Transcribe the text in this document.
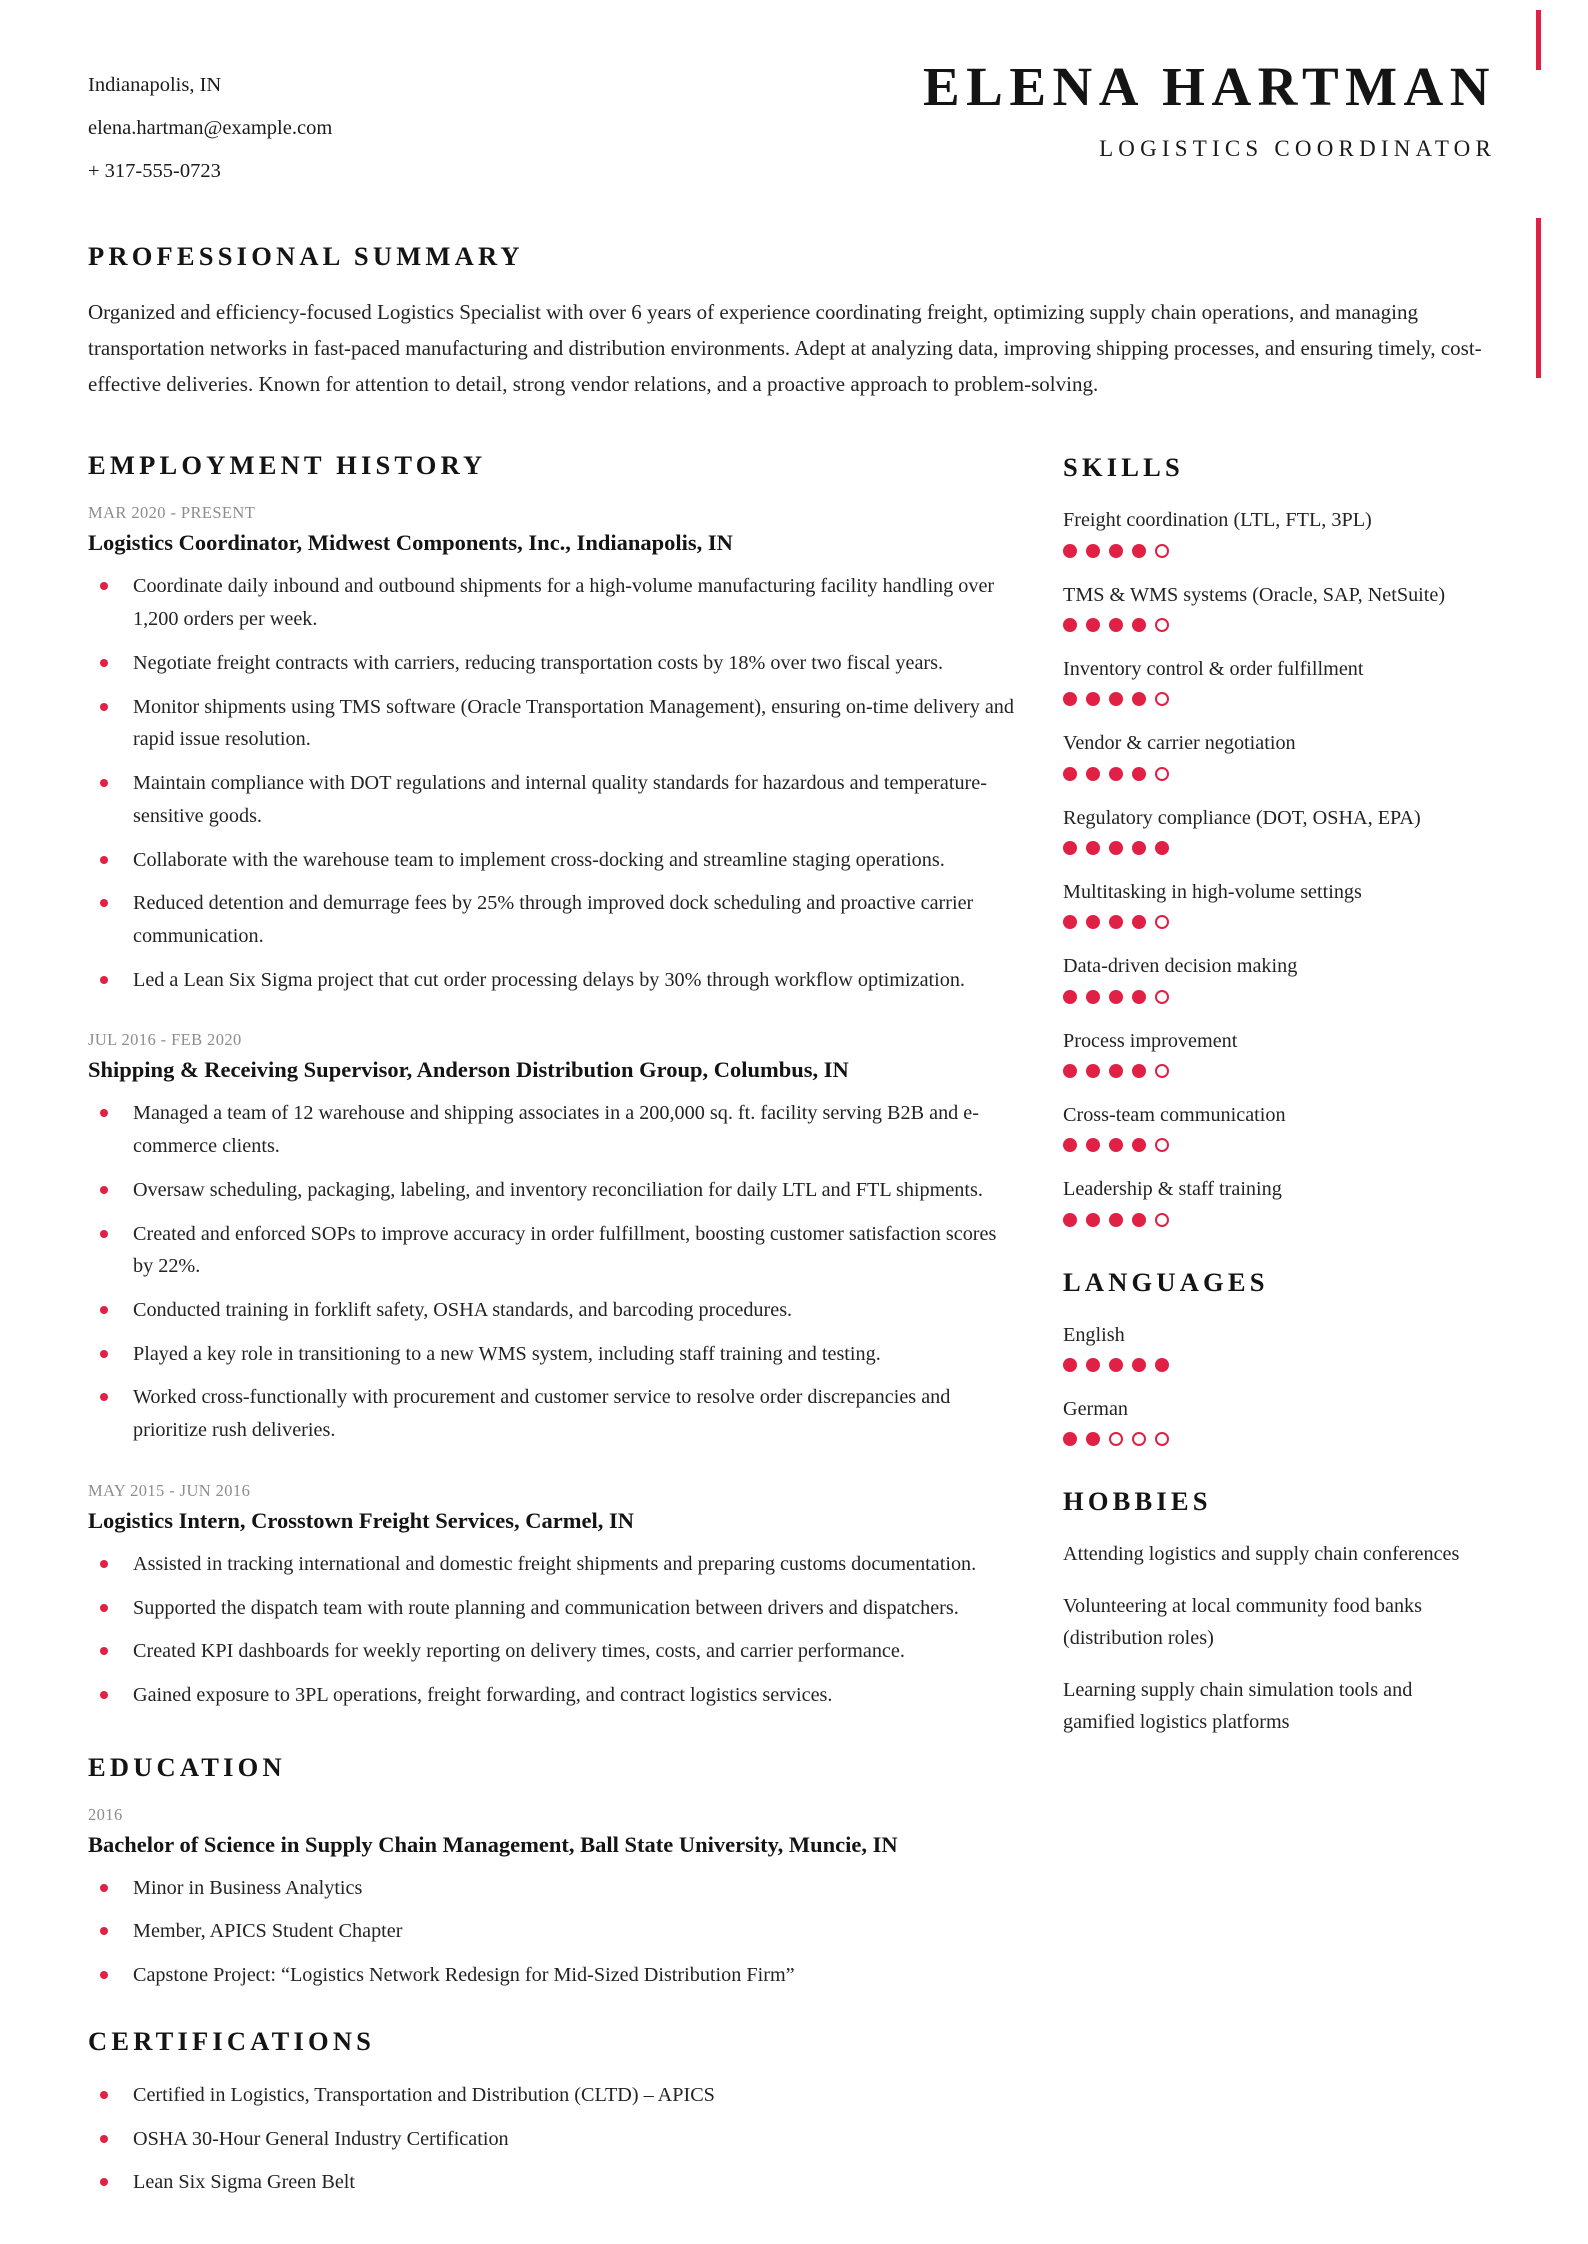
Indianapolis, IN
elena.hartman@example.com
+ 317-555-0723
ELENA HARTMAN
LOGISTICS COORDINATOR
PROFESSIONAL SUMMARY
Organized and efficiency-focused Logistics Specialist with over 6 years of experience coordinating freight, optimizing supply chain operations, and managing transportation networks in fast-paced manufacturing and distribution environments. Adept at analyzing data, improving shipping processes, and ensuring timely, cost-effective deliveries. Known for attention to detail, strong vendor relations, and a proactive approach to problem-solving.
EMPLOYMENT HISTORY
MAR 2020 - PRESENT
Logistics Coordinator, Midwest Components, Inc., Indianapolis, IN
Coordinate daily inbound and outbound shipments for a high-volume manufacturing facility handling over 1,200 orders per week.
Negotiate freight contracts with carriers, reducing transportation costs by 18% over two fiscal years.
Monitor shipments using TMS software (Oracle Transportation Management), ensuring on-time delivery and rapid issue resolution.
Maintain compliance with DOT regulations and internal quality standards for hazardous and temperature-sensitive goods.
Collaborate with the warehouse team to implement cross-docking and streamline staging operations.
Reduced detention and demurrage fees by 25% through improved dock scheduling and proactive carrier communication.
Led a Lean Six Sigma project that cut order processing delays by 30% through workflow optimization.
JUL 2016 - FEB 2020
Shipping & Receiving Supervisor, Anderson Distribution Group, Columbus, IN
Managed a team of 12 warehouse and shipping associates in a 200,000 sq. ft. facility serving B2B and e-commerce clients.
Oversaw scheduling, packaging, labeling, and inventory reconciliation for daily LTL and FTL shipments.
Created and enforced SOPs to improve accuracy in order fulfillment, boosting customer satisfaction scores by 22%.
Conducted training in forklift safety, OSHA standards, and barcoding procedures.
Played a key role in transitioning to a new WMS system, including staff training and testing.
Worked cross-functionally with procurement and customer service to resolve order discrepancies and prioritize rush deliveries.
MAY 2015 - JUN 2016
Logistics Intern, Crosstown Freight Services, Carmel, IN
Assisted in tracking international and domestic freight shipments and preparing customs documentation.
Supported the dispatch team with route planning and communication between drivers and dispatchers.
Created KPI dashboards for weekly reporting on delivery times, costs, and carrier performance.
Gained exposure to 3PL operations, freight forwarding, and contract logistics services.
EDUCATION
2016
Bachelor of Science in Supply Chain Management, Ball State University, Muncie, IN
Minor in Business Analytics
Member, APICS Student Chapter
Capstone Project: “Logistics Network Redesign for Mid-Sized Distribution Firm”
CERTIFICATIONS
Certified in Logistics, Transportation and Distribution (CLTD) – APICS
OSHA 30-Hour General Industry Certification
Lean Six Sigma Green Belt
SKILLS
Freight coordination (LTL, FTL, 3PL)
TMS & WMS systems (Oracle, SAP, NetSuite)
Inventory control & order fulfillment
Vendor & carrier negotiation
Regulatory compliance (DOT, OSHA, EPA)
Multitasking in high-volume settings
Data-driven decision making
Process improvement
Cross-team communication
Leadership & staff training
LANGUAGES
English
German
HOBBIES
Attending logistics and supply chain conferences
Volunteering at local community food banks (distribution roles)
Learning supply chain simulation tools and gamified logistics platforms
